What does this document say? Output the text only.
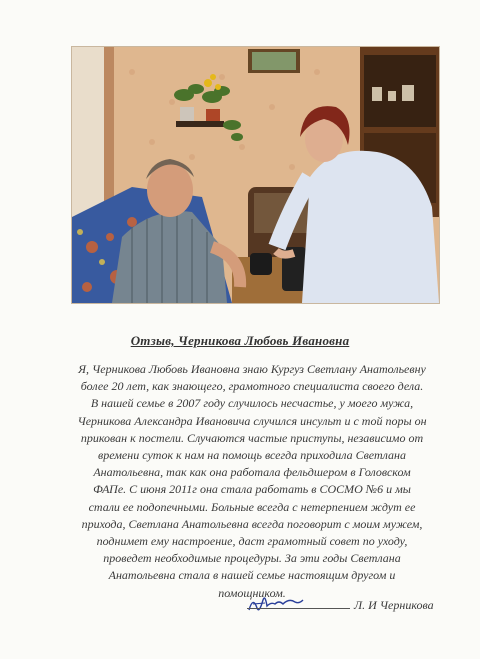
Отзыв, Черникова Любовь Ивановна
Я, Черникова Любовь Ивановна знаю Кургуз Светлану Анатольевну
более 20 лет, как знающего, грамотного специалиста своего дела.
В нашей семье в 2007 году случилось несчастье, у моего мужа,
Черникова Александра Ивановича случился инсульт и с той поры он
прикован к постели. Случаются частые приступы, независимо от
времени суток к нам на помощь всегда приходила Светлана
Анатольевна, так как она работала фельдшером в Головском
ФАПе. С июня 2011г она стала работать в СОСМО №6 и мы
стали ее подопечными. Больные всегда с нетерпением ждут ее
прихода, Светлана Анатольевна всегда поговорит с моим мужем,
поднимет ему настроение, даст грамотный совет по уходу,
проведет необходимые процедуры. За эти годы Светлана
Анатольевна стала в нашей семье настоящим другом и
помощником.
Л. И Черникова
